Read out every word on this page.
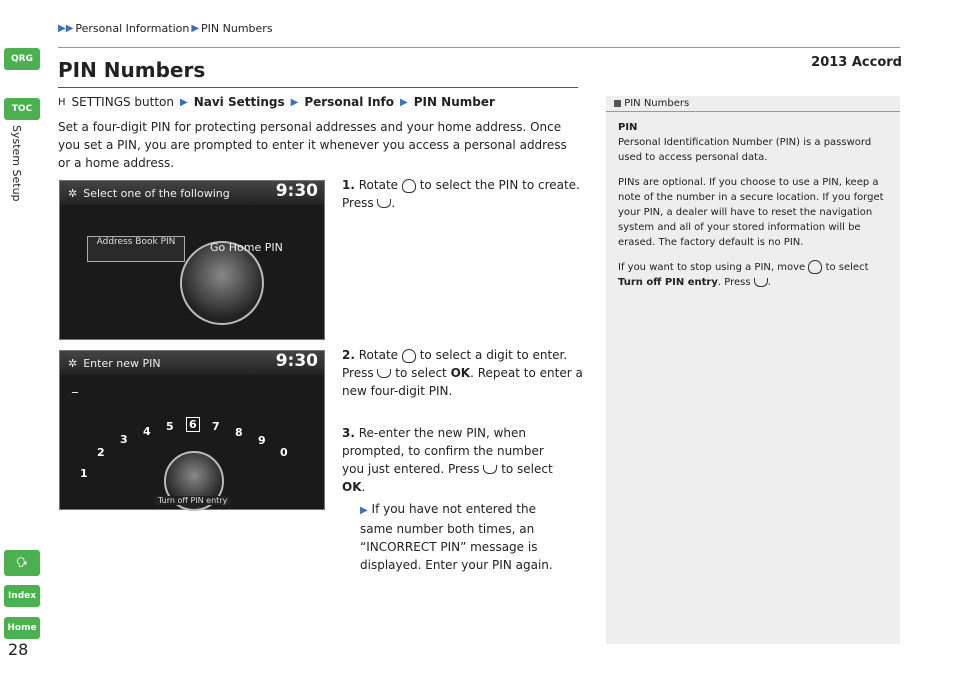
▶▶ Personal Information ▶ PIN Numbers
2013 Accord
QRG
TOC
System Setup
🗣
Index
Home
28
PIN Numbers
H SETTINGS button ▶ Navi Settings ▶ Personal Info ▶ PIN Number
Set a four-digit PIN for protecting personal addresses and your home address. Once you set a PIN, you are prompted to enter it whenever you access a personal address or a home address.
✲ Select one of the following	9:30
Address Book PIN	Go Home PIN
✲ Enter new PIN	9:30
_
1
2
3
4 5 6 7 8
9
0
Turn off PIN entry
1. Rotate to select the PIN to create. Press .
2. Rotate to select a digit to enter. Press to select OK. Repeat to enter a new four-digit PIN.
3. Re-enter the new PIN, when prompted, to confirm the number you just entered. Press to select OK.
▶ If you have not entered the same number both times, an “INCORRECT PIN” message is displayed. Enter your PIN again.
PIN Numbers
PIN
Personal Identification Number (PIN) is a password used to access personal data.
PINs are optional. If you choose to use a PIN, keep a note of the number in a secure location. If you forget your PIN, a dealer will have to reset the navigation system and all of your stored information will be erased. The factory default is no PIN.
If you want to stop using a PIN, move to select Turn off PIN entry. Press .
